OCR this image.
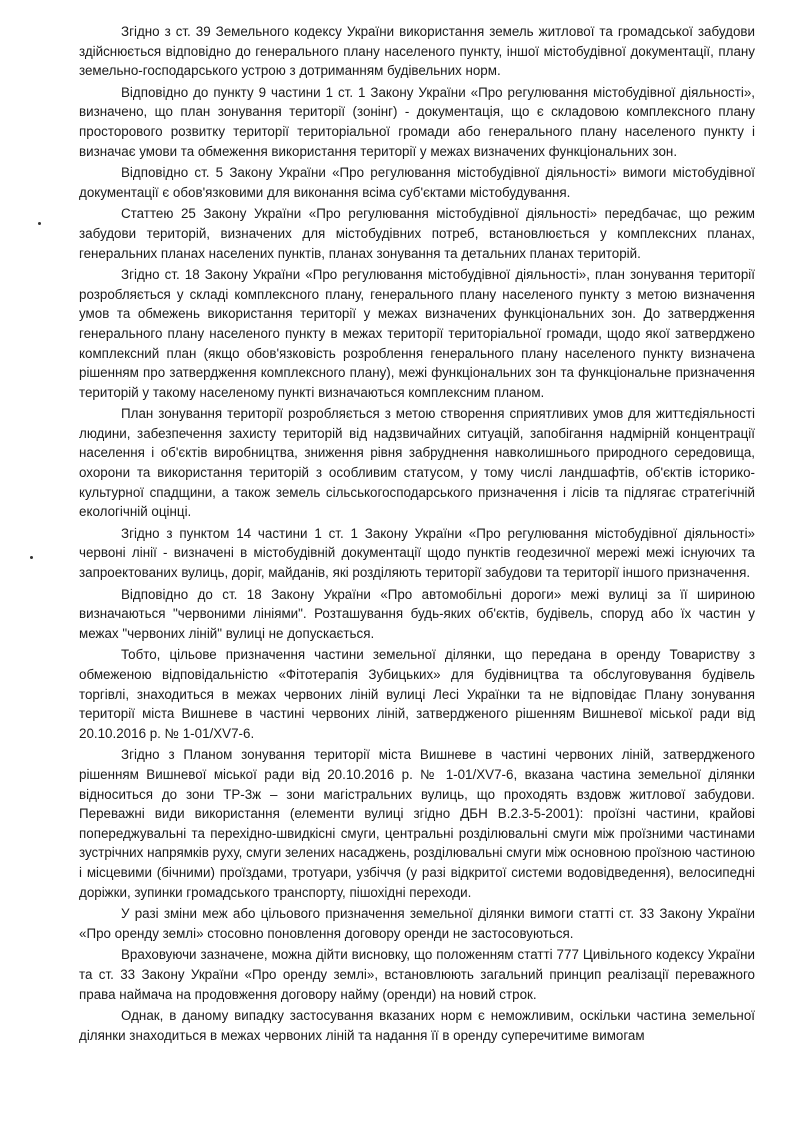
Згідно з ст. 39 Земельного кодексу України використання земель житлової та громадської забудови здійснюється відповідно до генерального плану населеного пункту, іншої містобудівної документації, плану земельно-господарського устрою з дотриманням будівельних норм.

Відповідно до пункту 9 частини 1 ст. 1 Закону України «Про регулювання містобудівної діяльності», визначено, що план зонування території (зонінг) - документація, що є складовою комплексного плану просторового розвитку території територіальної громади або генерального плану населеного пункту і визначає умови та обмеження використання території у межах визначених функціональних зон.

Відповідно ст. 5 Закону України «Про регулювання містобудівної діяльності» вимоги містобудівної документації є обов'язковими для виконання всіма суб'єктами містобудування.

Статтею 25 Закону України «Про регулювання містобудівної діяльності» передбачає, що режим забудови територій, визначених для містобудівних потреб, встановлюється у комплексних планах, генеральних планах населених пунктів, планах зонування та детальних планах територій.

Згідно ст. 18 Закону України «Про регулювання містобудівної діяльності», план зонування території розробляється у складі комплексного плану, генерального плану населеного пункту з метою визначення умов та обмежень використання території у межах визначених функціональних зон. До затвердження генерального плану населеного пункту в межах території територіальної громади, щодо якої затверджено комплексний план (якщо обов'язковість розроблення генерального плану населеного пункту визначена рішенням про затвердження комплексного плану), межі функціональних зон та функціональне призначення територій у такому населеному пункті визначаються комплексним планом.

План зонування території розробляється з метою створення сприятливих умов для життєдіяльності людини, забезпечення захисту територій від надзвичайних ситуацій, запобігання надмірній концентрації населення і об'єктів виробництва, зниження рівня забруднення навколишнього природного середовища, охорони та використання територій з особливим статусом, у тому числі ландшафтів, об'єктів історико-культурної спадщини, а також земель сільськогосподарського призначення і лісів та підлягає стратегічній екологічній оцінці.

Згідно з пунктом 14 частини 1 ст. 1 Закону України «Про регулювання містобудівної діяльності» червоні лінії - визначені в містобудівній документації щодо пунктів геодезичної мережі межі існуючих та запроектованих вулиць, доріг, майданів, які розділяють території забудови та території іншого призначення.

Відповідно до ст. 18 Закону України «Про автомобільні дороги» межі вулиці за її шириною визначаються "червоними лініями". Розташування будь-яких об'єктів, будівель, споруд або їх частин у межах "червоних ліній" вулиці не допускається.

Тобто, цільове призначення частини земельної ділянки, що передана в оренду Товариству з обмеженою відповідальністю «Фітотерапія Зубицьких» для будівництва та обслуговування будівель торгівлі, знаходиться в межах червоних ліній вулиці Лесі Українки та не відповідає Плану зонування території міста Вишневе в частині червоних ліній, затвердженого рішенням Вишневої міської ради від 20.10.2016 р. № 1-01/XV7-6.

Згідно з Планом зонування території міста Вишневе в частині червоних ліній, затвердженого рішенням Вишневої міської ради від 20.10.2016 р. № 1-01/XV7-6, вказана частина земельної ділянки відноситься до зони ТР-3ж – зони магістральних вулиць, що проходять вздовж житлової забудови. Переважні види використання (елементи вулиці згідно ДБН В.2.3-5-2001): проїзні частини, крайові попереджувальні та перехідно-швидкісні смуги, центральні розділювальні смуги між проїзними частинами зустрічних напрямків руху, смуги зелених насаджень, розділювальні смуги між основною проїзною частиною і місцевими (бічними) проїздами, тротуари, узбіччя (у разі відкритої системи водовідведення), велосипедні доріжки, зупинки громадського транспорту, пішохідні переходи.

У разі зміни меж або цільового призначення земельної ділянки вимоги статті ст. 33 Закону України «Про оренду землі» стосовно поновлення договору оренди не застосовуються.

Враховуючи зазначене, можна дійти висновку, що положенням статті 777 Цивільного кодексу України та ст. 33 Закону України «Про оренду землі», встановлюють загальний принцип реалізації переважного права наймача на продовження договору найму (оренди) на новий строк.

Однак, в даному випадку застосування вказаних норм є неможливим, оскільки частина земельної ділянки знаходиться в межах червоних ліній та надання її в оренду суперечитиме вимогам
